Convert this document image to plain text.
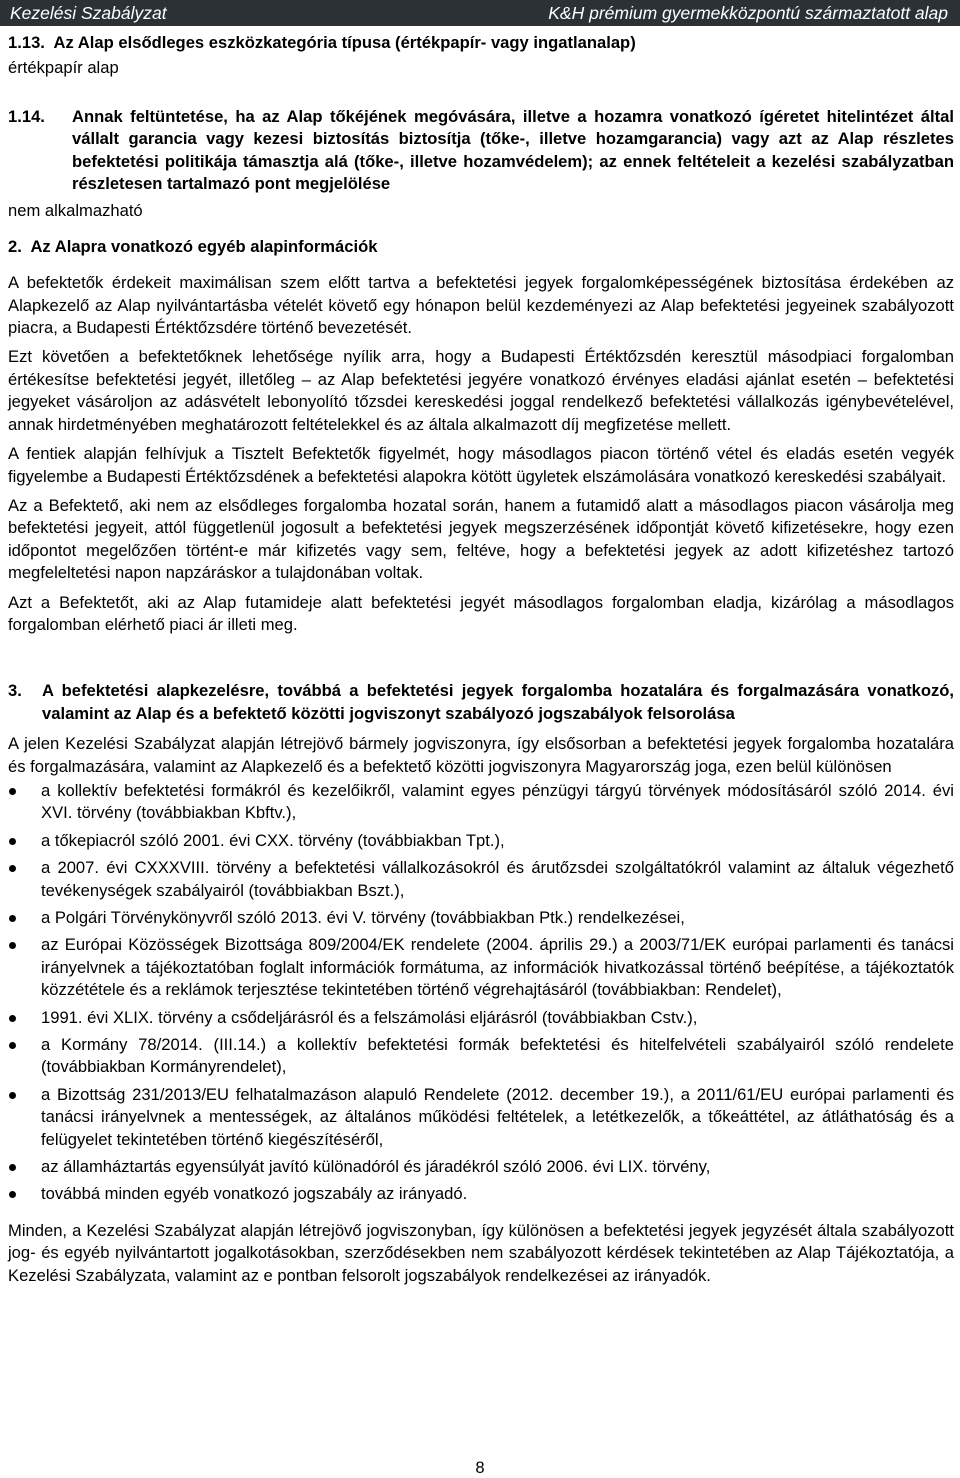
Kezelési Szabályzat	K&H prémium gyermekközpontú származtatott alap

1.13. Az Alap elsődleges eszközkategória típusa (értékpapír- vagy ingatlanalap)

értékpapír alap

1.14.	Annak feltüntetése, ha az Alap tőkéjének megóvására, illetve a hozamra vonatkozó ígéretet hitelintézet által vállalt garancia vagy kezesi biztosítás biztosítja (tőke-, illetve hozamgarancia) vagy azt az Alap részletes befektetési politikája támasztja alá (tőke-, illetve hozamvédelem); az ennek feltételeit a kezelési szabályzatban részletesen tartalmazó pont megjelölése

nem alkalmazható

2. Az Alapra vonatkozó egyéb alapinformációk

A befektetők érdekeit maximálisan szem előtt tartva a befektetési jegyek forgalomképességének biztosítása érdekében az Alapkezelő az Alap nyilvántartásba vételét követő egy hónapon belül kezdeményezi az Alap befektetési jegyeinek szabályozott piacra, a Budapesti Értéktőzsdére történő bevezetését.

Ezt követően a befektetőknek lehetősége nyílik arra, hogy a Budapesti Értéktőzsdén keresztül másodpiaci forgalomban értékesítse befektetési jegyét, illetőleg – az Alap befektetési jegyére vonatkozó érvényes eladási ajánlat esetén – befektetési jegyeket vásároljon az adásvételt lebonyolító tőzsdei kereskedési joggal rendelkező befektetési vállalkozás igénybevételével, annak hirdetményében meghatározott feltételekkel és az általa alkalmazott díj megfizetése mellett.

A fentiek alapján felhívjuk a Tisztelt Befektetők figyelmét, hogy másodlagos piacon történő vétel és eladás esetén vegyék figyelembe a Budapesti Értéktőzsdének a befektetési alapokra kötött ügyletek elszámolására vonatkozó kereskedési szabályait.

Az a Befektető, aki nem az elsődleges forgalomba hozatal során, hanem a futamidő alatt a másodlagos piacon vásárolja meg befektetési jegyeit, attól függetlenül jogosult a befektetési jegyek megszerzésének időpontját követő kifizetésekre, hogy ezen időpontot megelőzően történt-e már kifizetés vagy sem, feltéve, hogy a befektetési jegyek az adott kifizetéshez tartozó megfeleltetési napon napzáráskor a tulajdonában voltak.

Azt a Befektetőt, aki az Alap futamideje alatt befektetési jegyét másodlagos forgalomban eladja, kizárólag a másodlagos forgalomban elérhető piaci ár illeti meg.

3.	A befektetési alapkezelésre, továbbá a befektetési jegyek forgalomba hozatalára és forgalmazására vonatkozó, valamint az Alap és a befektető közötti jogviszonyt szabályozó jogszabályok felsorolása

A jelen Kezelési Szabályzat alapján létrejövő bármely jogviszonyra, így elsősorban a befektetési jegyek forgalomba hozatalára és forgalmazására, valamint az Alapkezelő és a befektető közötti jogviszonyra Magyarország joga, ezen belül különösen

a kollektív befektetési formákról és kezelőikről, valamint egyes pénzügyi tárgyú törvények módosításáról szóló 2014. évi XVI. törvény (továbbiakban Kbftv.),
a tőkepiacról szóló 2001. évi CXX. törvény (továbbiakban Tpt.),
a 2007. évi CXXXVIII. törvény a befektetési vállalkozásokról és árutőzsdei szolgáltatókról valamint az általuk végezhető tevékenységek szabályairól (továbbiakban Bszt.),
a Polgári Törvénykönyvről szóló 2013. évi V. törvény (továbbiakban Ptk.) rendelkezései,
az Európai Közösségek Bizottsága 809/2004/EK rendelete (2004. április 29.) a 2003/71/EK európai parlamenti és tanácsi irányelvnek a tájékoztatóban foglalt információk formátuma, az információk hivatkozással történő beépítése, a tájékoztatók közzététele és a reklámok terjesztése tekintetében történő végrehajtásáról (továbbiakban: Rendelet),
1991. évi XLIX. törvény a csődeljárásról és a felszámolási eljárásról (továbbiakban Cstv.),
a Kormány 78/2014. (III.14.) a kollektív befektetési formák befektetési és hitelfelvételi szabályairól szóló rendelete (továbbiakban Kormányrendelet),
a Bizottság 231/2013/EU felhatalmazáson alapuló Rendelete (2012. december 19.), a 2011/61/EU európai parlamenti és tanácsi irányelvnek a mentességek, az általános működési feltételek, a letétkezelők, a tőkeáttétel, az átláthatóság és a felügyelet tekintetében történő kiegészítéséről,
az államháztartás egyensúlyát javító különadóról és járadékról szóló 2006. évi LIX. törvény,
továbbá minden egyéb vonatkozó jogszabály az irányadó.

Minden, a Kezelési Szabályzat alapján létrejövő jogviszonyban, így különösen a befektetési jegyek jegyzését általa szabályozott jog- és egyéb nyilvántartott jogalkotásokban, szerződésekben nem szabályozott kérdések tekintetében az Alap Tájékoztatója, a Kezelési Szabályzata, valamint az e pontban felsorolt jogszabályok rendelkezései az irányadók.

8
